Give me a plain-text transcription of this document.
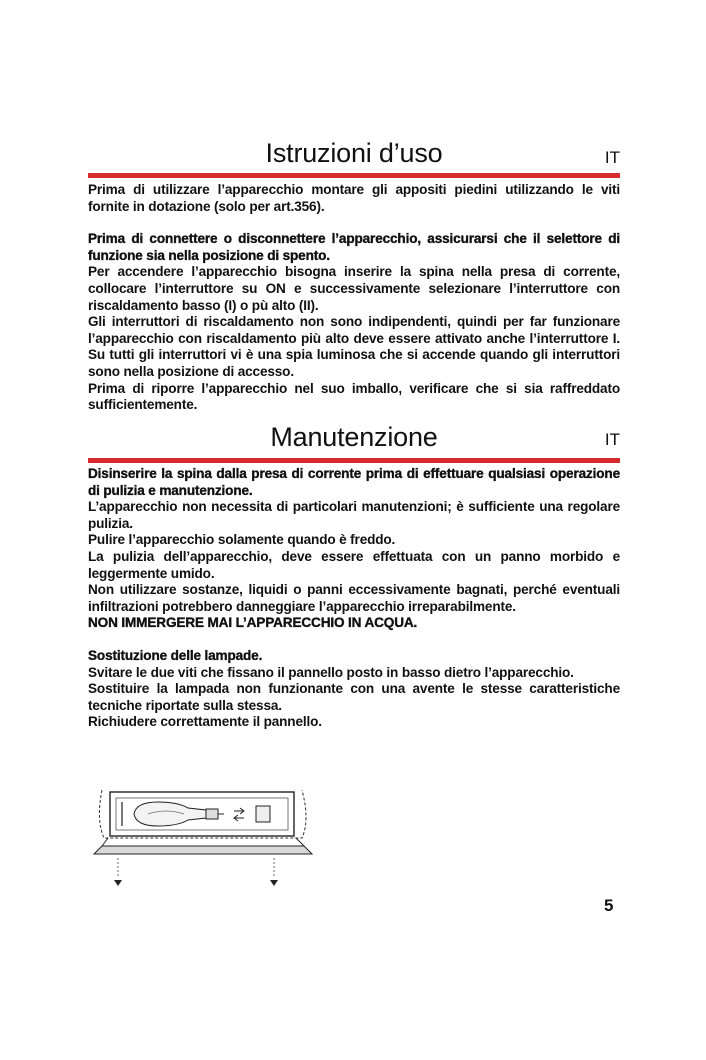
Istruzioni d’uso	IT

Prima di utilizzare l’apparecchio montare gli appositi piedini utilizzando le viti fornite in dotazione (solo per art.356).

Prima di connettere o disconnettere l’apparecchio, assicurarsi che il selettore di funzione sia nella posizione di spento.

Per accendere l’apparecchio bisogna inserire la spina nella presa di corrente, collocare l’interruttore su ON e successivamente selezionare l’interruttore con riscaldamento basso (I) o pù alto (II).

Gli interruttori di riscaldamento non sono indipendenti, quindi per far funzionare l’apparecchio con riscaldamento più alto deve essere attivato anche l’interruttore I. Su tutti gli interruttori vi è una spia luminosa che si accende quando gli interruttori sono nella posizione di accesso.

Prima di riporre l’apparecchio nel suo imballo, verificare che si sia raffreddato sufficientemente.

Manutenzione	IT

Disinserire la spina dalla presa di corrente prima di effettuare qualsiasi operazione di pulizia e manutenzione.

L’apparecchio non necessita di particolari manutenzioni; è sufficiente una regolare pulizia.

Pulire l’apparecchio solamente quando è freddo.

La pulizia dell’apparecchio, deve essere effettuata con un panno morbido e leggermente umido.

Non utilizzare sostanze, liquidi o panni eccessivamente bagnati, perché eventuali infiltrazioni potrebbero danneggiare l’apparecchio irreparabilmente.

NON IMMERGERE MAI L’APPARECCHIO IN ACQUA.

Sostituzione delle lampade.

Svitare le due viti che fissano il pannello posto in basso dietro l’apparecchio.

Sostituire la lampada non funzionante con una avente le stesse caratteristiche tecniche riportate sulla stessa.

Richiudere correttamente il pannello.

5
